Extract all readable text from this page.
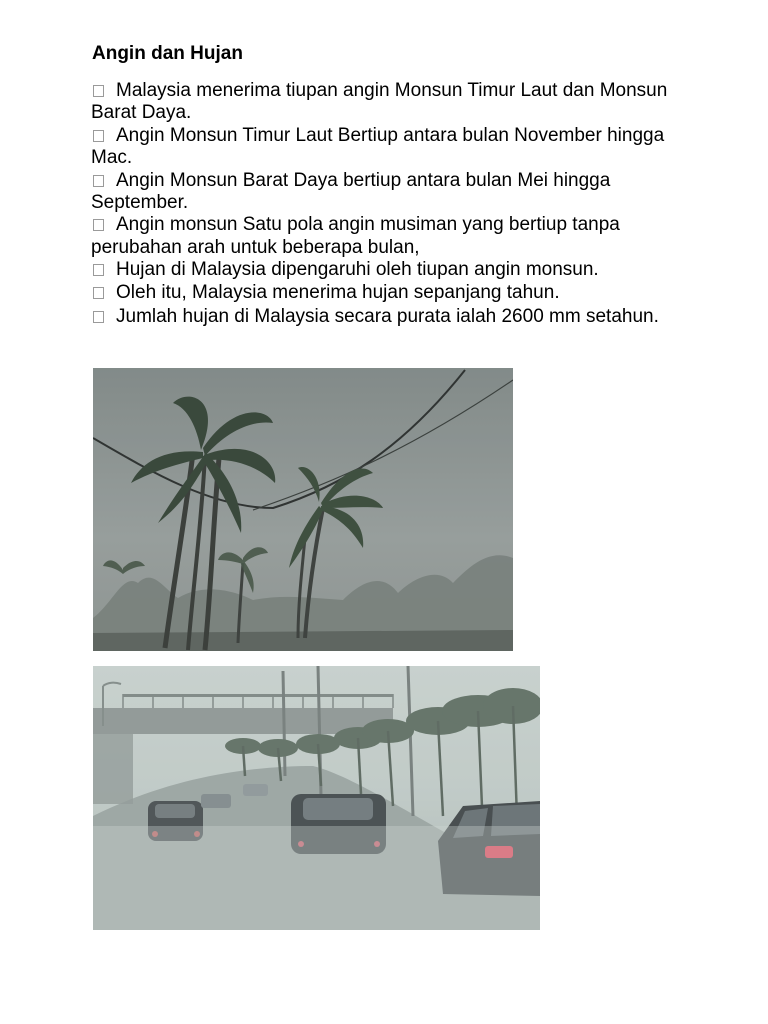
Angin dan Hujan
Malaysia menerima tiupan angin Monsun Timur Laut dan Monsun Barat Daya.
Angin Monsun Timur Laut Bertiup antara bulan November hingga Mac.
Angin Monsun Barat Daya bertiup antara bulan Mei hingga September.
Angin monsun Satu pola angin musiman yang bertiup tanpa perubahan arah untuk beberapa bulan,
Hujan di Malaysia dipengaruhi oleh tiupan angin monsun.
Oleh itu, Malaysia menerima hujan sepanjang tahun.
Jumlah hujan di Malaysia secara purata ialah 2600 mm setahun.
